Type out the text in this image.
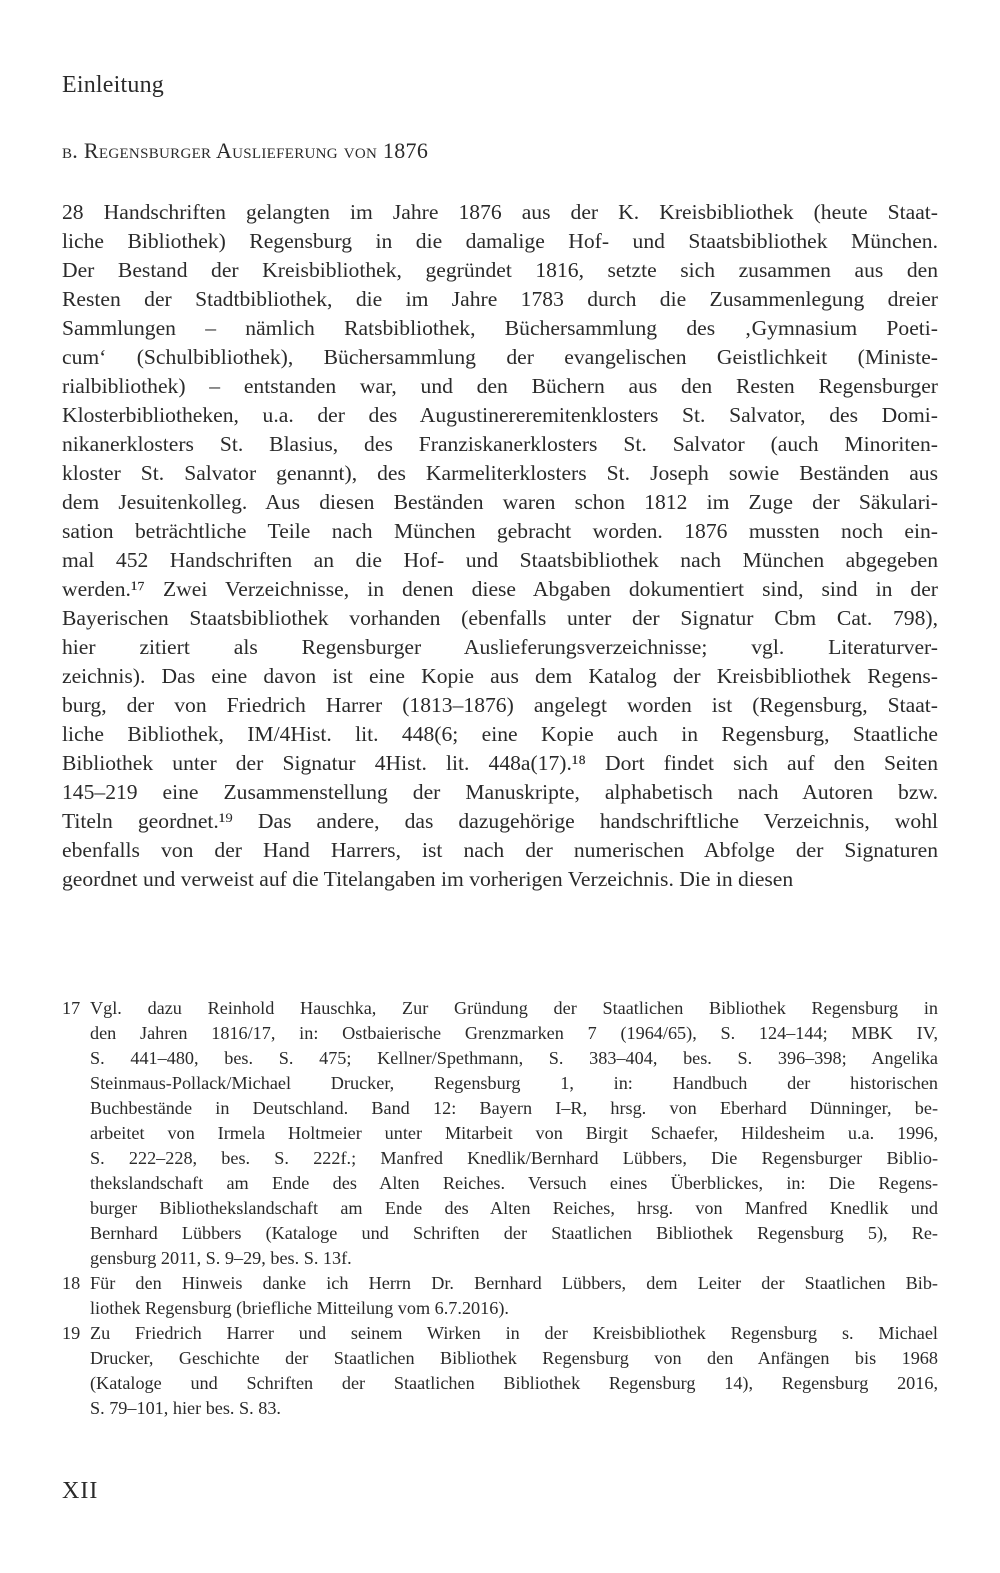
Einleitung
b. Regensburger Auslieferung von 1876
28 Handschriften gelangten im Jahre 1876 aus der K. Kreisbibliothek (heute Staat-
liche Bibliothek) Regensburg in die damalige Hof- und Staatsbibliothek München.
Der Bestand der Kreisbibliothek, gegründet 1816, setzte sich zusammen aus den
Resten der Stadtbibliothek, die im Jahre 1783 durch die Zusammenlegung dreier
Sammlungen – nämlich Ratsbibliothek, Büchersammlung des ‚Gymnasium Poeti-
cum‘ (Schulbibliothek), Büchersammlung der evangelischen Geistlichkeit (Ministe-
rialbibliothek) – entstanden war, und den Büchern aus den Resten Regensburger
Klosterbibliotheken, u.a. der des Augustinereremitenklosters St. Salvator, des Domi-
nikanerklosters St. Blasius, des Franziskanerklosters St. Salvator (auch Minoriten-
kloster St. Salvator genannt), des Karmeliterklosters St. Joseph sowie Beständen aus
dem Jesuitenkolleg. Aus diesen Beständen waren schon 1812 im Zuge der Säkulari-
sation beträchtliche Teile nach München gebracht worden. 1876 mussten noch ein-
mal 452 Handschriften an die Hof- und Staatsbibliothek nach München abgegeben
werden.¹⁷ Zwei Verzeichnisse, in denen diese Abgaben dokumentiert sind, sind in der
Bayerischen Staatsbibliothek vorhanden (ebenfalls unter der Signatur Cbm Cat. 798),
hier zitiert als Regensburger Auslieferungsverzeichnisse; vgl. Literaturver-
zeichnis). Das eine davon ist eine Kopie aus dem Katalog der Kreisbibliothek Regens-
burg, der von Friedrich Harrer (1813–1876) angelegt worden ist (Regensburg, Staat-
liche Bibliothek, IM/4Hist. lit. 448(6; eine Kopie auch in Regensburg, Staatliche
Bibliothek unter der Signatur 4Hist. lit. 448a(17).¹⁸ Dort findet sich auf den Seiten
145–219 eine Zusammenstellung der Manuskripte, alphabetisch nach Autoren bzw.
Titeln geordnet.¹⁹ Das andere, das dazugehörige handschriftliche Verzeichnis, wohl
ebenfalls von der Hand Harrers, ist nach der numerischen Abfolge der Signaturen
geordnet und verweist auf die Titelangaben im vorherigen Verzeichnis. Die in diesen
17 Vgl. dazu Reinhold Hauschka, Zur Gründung der Staatlichen Bibliothek Regensburg in
den Jahren 1816/17, in: Ostbaierische Grenzmarken 7 (1964/65), S. 124–144; MBK IV,
S. 441–480, bes. S. 475; Kellner/Spethmann, S. 383–404, bes. S. 396–398; Angelika
Steinmaus-Pollack/Michael Drucker, Regensburg 1, in: Handbuch der historischen
Buchbestände in Deutschland. Band 12: Bayern I–R, hrsg. von Eberhard Dünninger, be-
arbeitet von Irmela Holtmeier unter Mitarbeit von Birgit Schaefer, Hildesheim u.a. 1996,
S. 222–228, bes. S. 222f.; Manfred Knedlik/Bernhard Lübbers, Die Regensburger Biblio-
thekslandschaft am Ende des Alten Reiches. Versuch eines Überblickes, in: Die Regens-
burger Bibliothekslandschaft am Ende des Alten Reiches, hrsg. von Manfred Knedlik und
Bernhard Lübbers (Kataloge und Schriften der Staatlichen Bibliothek Regensburg 5), Re-
gensburg 2011, S. 9–29, bes. S. 13f.
18 Für den Hinweis danke ich Herrn Dr. Bernhard Lübbers, dem Leiter der Staatlichen Bib-
liothek Regensburg (briefliche Mitteilung vom 6.7.2016).
19 Zu Friedrich Harrer und seinem Wirken in der Kreisbibliothek Regensburg s. Michael
Drucker, Geschichte der Staatlichen Bibliothek Regensburg von den Anfängen bis 1968
(Kataloge und Schriften der Staatlichen Bibliothek Regensburg 14), Regensburg 2016,
S. 79–101, hier bes. S. 83.
XII
